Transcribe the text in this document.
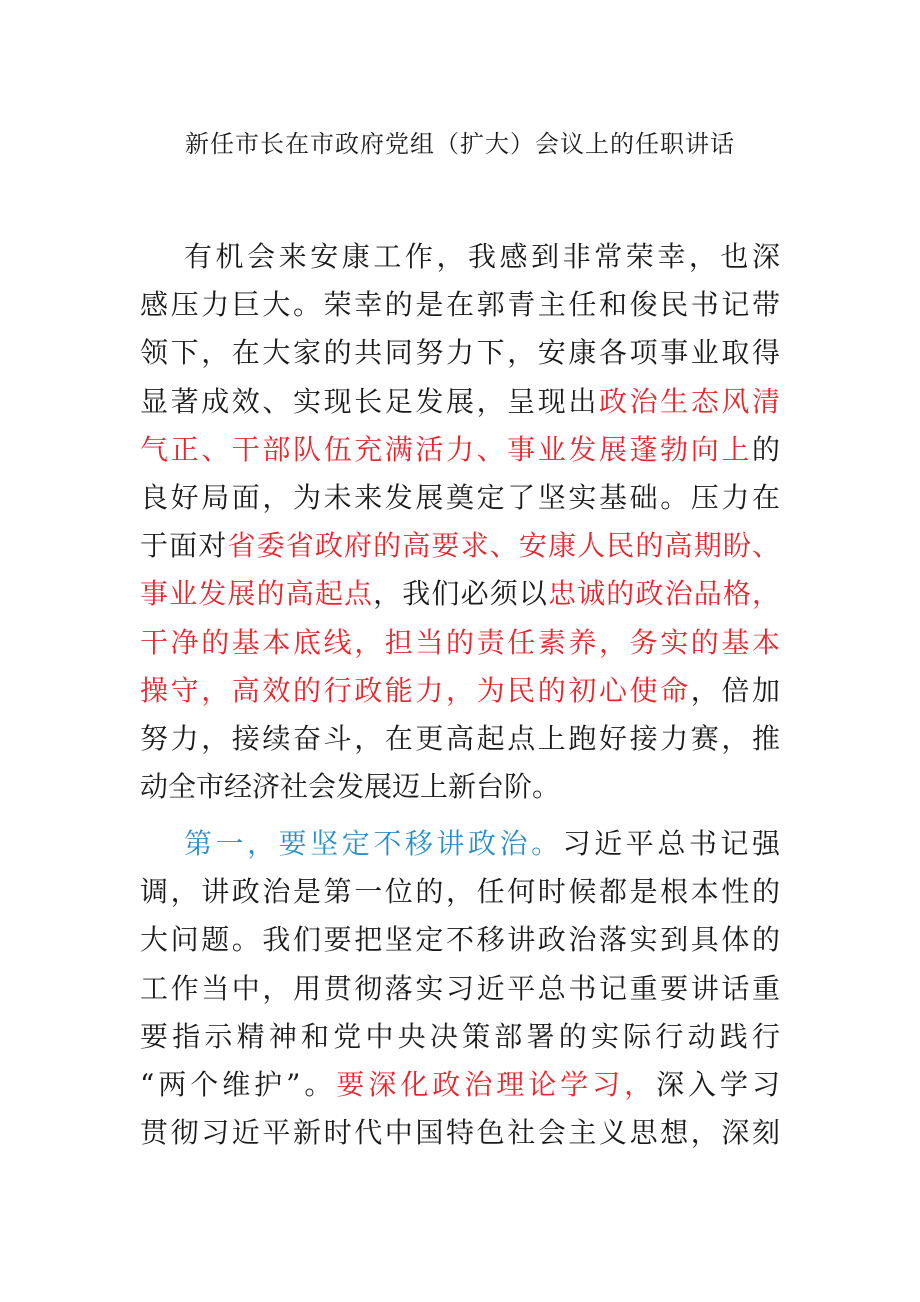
新任市长在市政府党组（扩大）会议上的任职讲话
有机会来安康工作，我感到非常荣幸，也深
感压力巨大。荣幸的是在郭青主任和俊民书记带
领下，在大家的共同努力下，安康各项事业取得
显著成效、实现长足发展，呈现出政治生态风清
气正、干部队伍充满活力、事业发展蓬勃向上的
良好局面，为未来发展奠定了坚实基础。压力在
于面对省委省政府的高要求、安康人民的高期盼、
事业发展的高起点，我们必须以忠诚的政治品格，
干净的基本底线，担当的责任素养，务实的基本
操守，高效的行政能力，为民的初心使命，倍加
努力，接续奋斗，在更高起点上跑好接力赛，推
动全市经济社会发展迈上新台阶。
第一，要坚定不移讲政治。习近平总书记强
调，讲政治是第一位的，任何时候都是根本性的
大问题。我们要把坚定不移讲政治落实到具体的
工作当中，用贯彻落实习近平总书记重要讲话重
要指示精神和党中央决策部署的实际行动践行
“两个维护”。要深化政治理论学习，深入学习
贯彻习近平新时代中国特色社会主义思想，深刻
